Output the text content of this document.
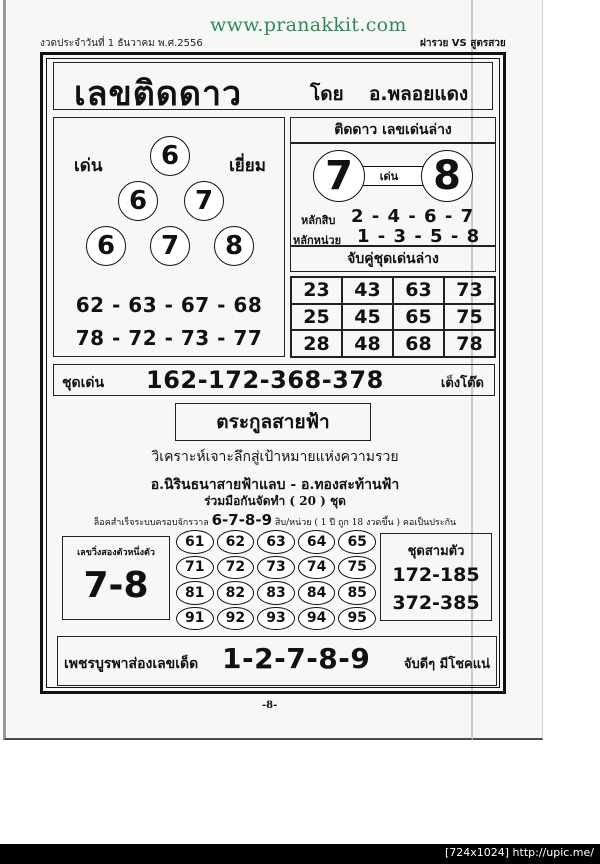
www.pranakkit.com
งวดประจำวันที่ 1 ธันวาคม พ.ศ.2556	ฝารวย VS สูตรสวย
เลขติดดาว	โดย อ.พลอยแดง
เด่น	เยี่ยม
6
6	7
6	7	8
62 - 63 - 67 - 68
78 - 72 - 73 - 77
ติดดาว เลขเด่นล่าง
เด่น
7	8
หลักสิบ 2 - 4 - 6 - 7
หลักหน่วย 1 - 3 - 5 - 8
จับคู่ชุดเด่นล่าง
23	43	63	73
25	45	65	75
28	48	68	78
ชุดเด่น 162-172-368-378	เต็งโต๊ด
ตระกูลสายฟ้า
วิเคราะห์เจาะลึกสู่เป้าหมายแห่งความรวย
อ.นิรินธนาสายฟ้าแลบ - อ.ทองสะท้านฟ้า
ร่วมมือกันจัดทำ ( 20 ) ชุด
ล็อคสำเร็จระบบครอบจักรวาล 6-7-8-9 สิบ/หน่วย ( 1 ปี ถูก 18 งวดขึ้น ) คอเป็นประกัน
เลขวิ่งสองตัวหนึ่งตัว
7-8
61	62	63	64	65
71	72	73	74	75
81	82	83	84	85
91	92	93	94	95
ชุดสามตัว
172-185
372-385
เพชรบูรพาส่องเลขเด็ด 1-2-7-8-9	จับดีๆ มีโชคแน่
-8-
[724x1024] http://upic.me/
